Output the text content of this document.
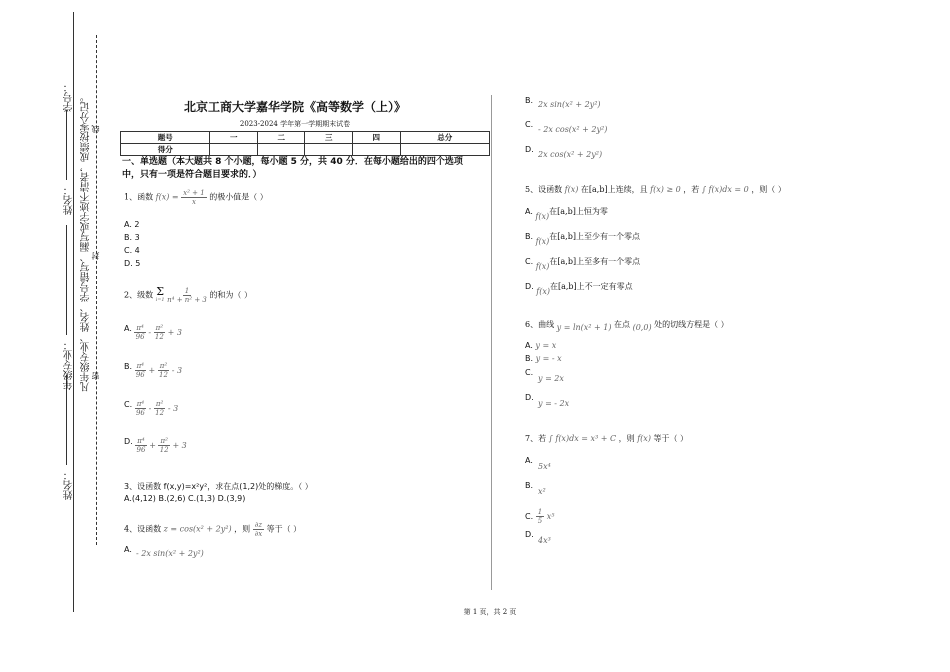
姓名：
年级专业：
姓名：
学号： 凡年级专业、姓名、学号错写、漏写或字迹不清者，成绩按零分记。 密
封
线
北京工商大学嘉华学院《高等数学（上）》
2023-2024 学年第一学期期末试卷
题号	一	二	三	四	总分
得分					
一、单选题（本大题共 8 个小题，每小题 5 分，共 40 分．在每小题给出的四个选项中，只有一项是符合题目要求的．）
1、函数 $f(x) = \frac{\text{x² + 1}}{x}$ 的极小值是（ ）
A. 2
B. 3
C. 4
D. 5
2、级数 Σ
i=1
$\frac{1}{\text{n⁴ + n² + 3}}$ 的和为（ ）
A. $\frac{\text{π⁴}}{96} - \frac{\text{π²}}{12} + 3$
B. $\frac{\text{π⁴}}{96} + \frac{\text{π²}}{12} - 3$
C. $\frac{\text{π⁴}}{96} - \frac{\text{π²}}{12} - 3$
D. $\frac{\text{π⁴}}{96} + \frac{\text{π²}}{12} + 3$
3、设函数 f(x,y)=x²y²，求在点(1,2)处的梯度。（ ）
A.(4,12) B.(2,6) C.(1,3) D.(3,9)
4、设函数 z = cos(x² + 2y²) ，则 $\frac{\partial z}{\partial x}$ 等于（ ）
A. - 2x sin(x² + 2y²)
B. 2x sin(x² + 2y²)
C.
- 2x cos(x² + 2y²)
D.
2x cos(x² + 2y²)
5、设函数 f(x) 在[a,b]上连续，且 f(x) ≥ 0 ，若 ∫ f(x)dx = 0 ，则（ ）
A. f(x)在[a,b]上恒为零
B. f(x)在[a,b]上至少有一个零点
C. f(x)在[a,b]上至多有一个零点
D. f(x)在[a,b]上不一定有零点
6、曲线 y = ln(x² + 1) 在点 (0,0) 处的切线方程是（ ）
A. y = x
B. y = - x
C.
y = 2x
D.
y = - 2x
7、若 ∫ f(x)dx = x³ + C ，则 f(x) 等于（ ）
A.
5x⁴
B.
x²
C. $\frac{1}{5} x^5$
D.
4x³
第 1 页，共 2 页
